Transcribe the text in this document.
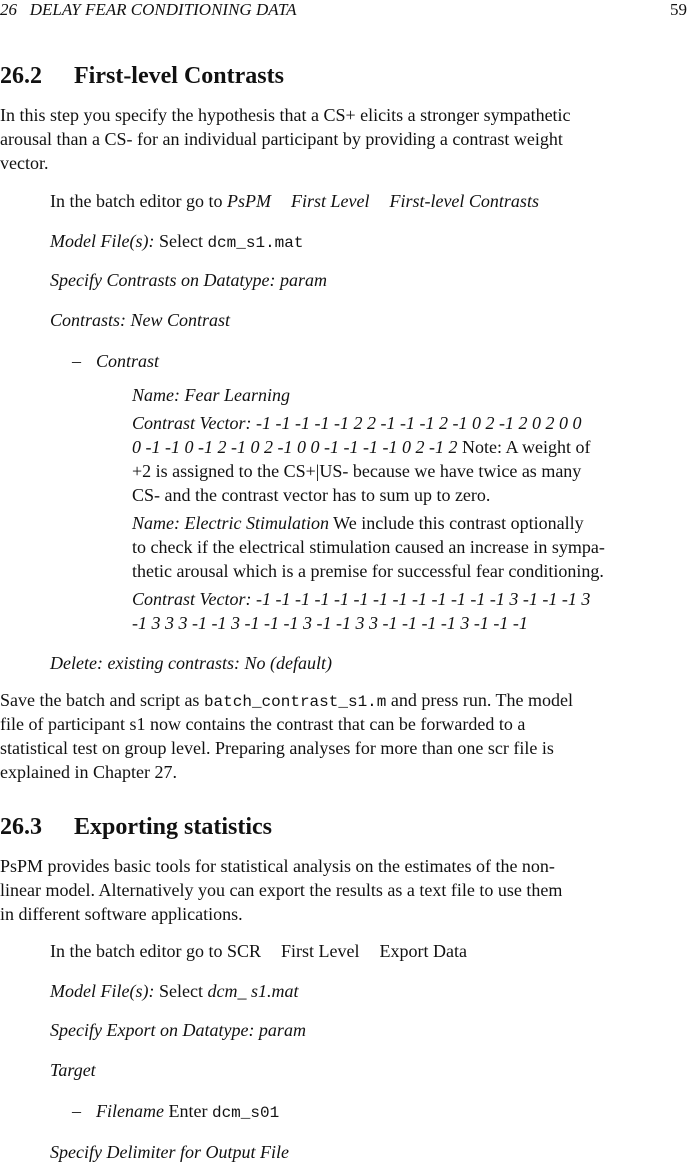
26   DELAY FEAR CONDITIONING DATA	59
26.2 First-level Contrasts

In this step you specify the hypothesis that a CS+ elicits a stronger sympathetic

arousal than a CS- for an individual participant by providing a contrast weight

vector.

In the batch editor go to PsPM First Level First-level Contrasts

Model File(s): Select dcm_s1.mat

Specify Contrasts on Datatype: param

Contrasts: New Contrast

– Contrast

Name: Fear Learning

Contrast Vector: -1 -1 -1 -1 -1 2 2 -1 -1 -1 2 -1 0 2 -1 2 0 2 0 0

0 -1 -1 0 -1 2 -1 0 2 -1 0 0 -1 -1 -1 -1 0 2 -1 2 Note: A weight of

+2 is assigned to the CS+|US- because we have twice as many

CS- and the contrast vector has to sum up to zero.

Name: Electric Stimulation We include this contrast optionally

to check if the electrical stimulation caused an increase in sympa-

thetic arousal which is a premise for successful fear conditioning.

Contrast Vector: -1 -1 -1 -1 -1 -1 -1 -1 -1 -1 -1 -1 -1 3 -1 -1 -1 3

-1 3 3 3 -1 -1 3 -1 -1 -1 3 -1 -1 3 3 -1 -1 -1 -1 3 -1 -1 -1

Delete: existing contrasts: No (default)

Save the batch and script as batch_contrast_s1.m and press run. The model

file of participant s1 now contains the contrast that can be forwarded to a

statistical test on group level. Preparing analyses for more than one scr file is

explained in Chapter 27.

26.3 Exporting statistics

PsPM provides basic tools for statistical analysis on the estimates of the non-

linear model. Alternatively you can export the results as a text file to use them

in different software applications.

In the batch editor go to SCR First Level Export Data

Model File(s): Select dcm_ s1.mat

Specify Export on Datatype: param

Target

– Filename Enter dcm_s01

Specify Delimiter for Output File
